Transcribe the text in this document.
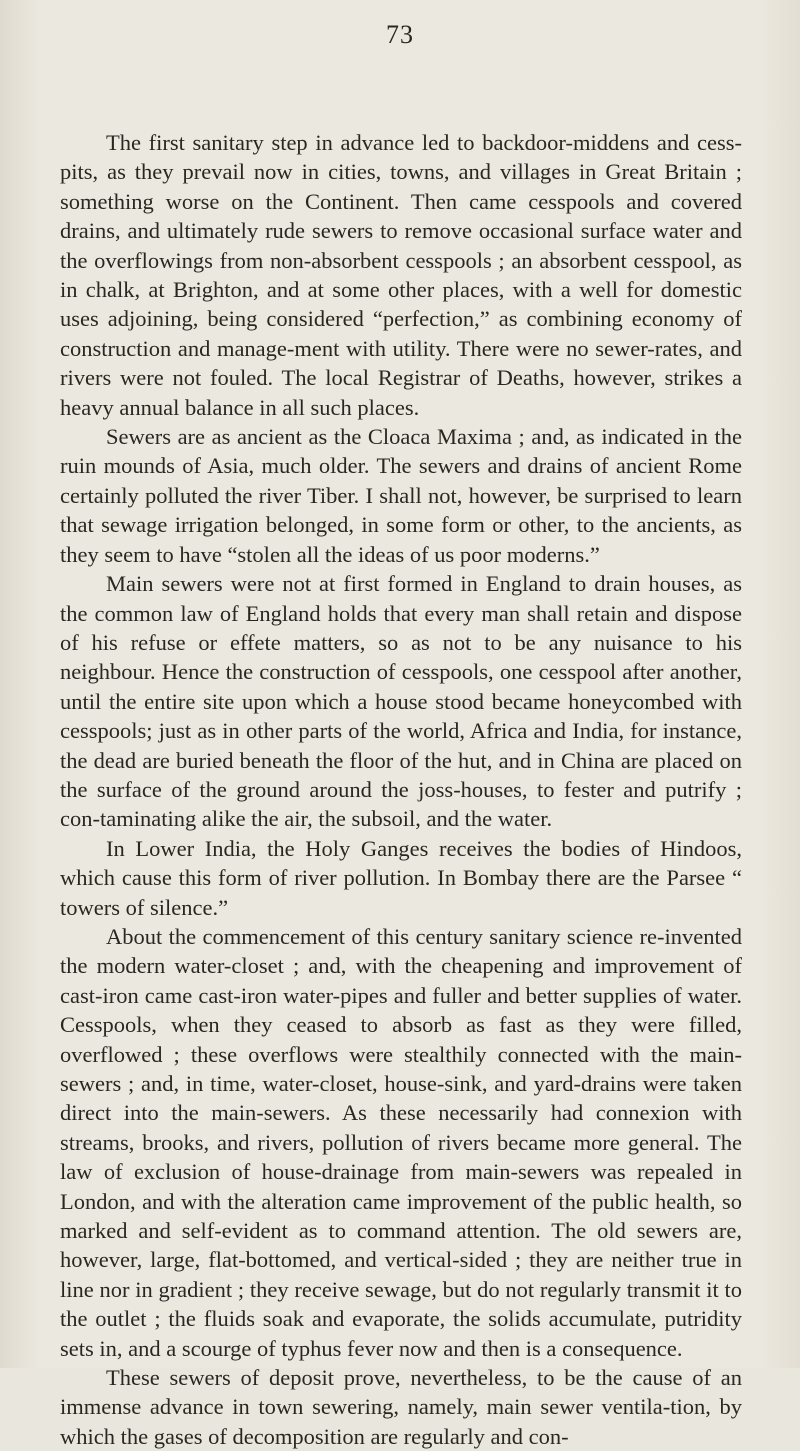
73

The first sanitary step in advance led to backdoor-middens and cess-pits, as they prevail now in cities, towns, and villages in Great Britain ; something worse on the Continent. Then came cesspools and covered drains, and ultimately rude sewers to remove occasional surface water and the overflowings from non-absorbent cesspools ; an absorbent cesspool, as in chalk, at Brighton, and at some other places, with a well for domestic uses adjoining, being considered “perfection,” as combining economy of construction and manage-ment with utility. There were no sewer-rates, and rivers were not fouled. The local Registrar of Deaths, however, strikes a heavy annual balance in all such places.

Sewers are as ancient as the Cloaca Maxima ; and, as indicated in the ruin mounds of Asia, much older. The sewers and drains of ancient Rome certainly polluted the river Tiber. I shall not, however, be surprised to learn that sewage irrigation belonged, in some form or other, to the ancients, as they seem to have “stolen all the ideas of us poor moderns.”

Main sewers were not at first formed in England to drain houses, as the common law of England holds that every man shall retain and dispose of his refuse or effete matters, so as not to be any nuisance to his neighbour. Hence the construction of cesspools, one cesspool after another, until the entire site upon which a house stood became honeycombed with cesspools; just as in other parts of the world, Africa and India, for instance, the dead are buried beneath the floor of the hut, and in China are placed on the surface of the ground around the joss-houses, to fester and putrify ; con-taminating alike the air, the subsoil, and the water.

In Lower India, the Holy Ganges receives the bodies of Hindoos, which cause this form of river pollution. In Bombay there are the Parsee “ towers of silence.”

About the commencement of this century sanitary science re-invented the modern water-closet ; and, with the cheapening and improvement of cast-iron came cast-iron water-pipes and fuller and better supplies of water. Cesspools, when they ceased to absorb as fast as they were filled, overflowed ; these overflows were stealthily connected with the main-sewers ; and, in time, water-closet, house-sink, and yard-drains were taken direct into the main-sewers. As these necessarily had connexion with streams, brooks, and rivers, pollution of rivers became more general. The law of exclusion of house-drainage from main-sewers was repealed in London, and with the alteration came improvement of the public health, so marked and self-evident as to command attention. The old sewers are, however, large, flat-bottomed, and vertical-sided ; they are neither true in line nor in gradient ; they receive sewage, but do not regularly transmit it to the outlet ; the fluids soak and evaporate, the solids accumulate, putridity sets in, and a scourge of typhus fever now and then is a consequence.

These sewers of deposit prove, nevertheless, to be the cause of an immense advance in town sewering, namely, main sewer ventila-tion, by which the gases of decomposition are regularly and con-
